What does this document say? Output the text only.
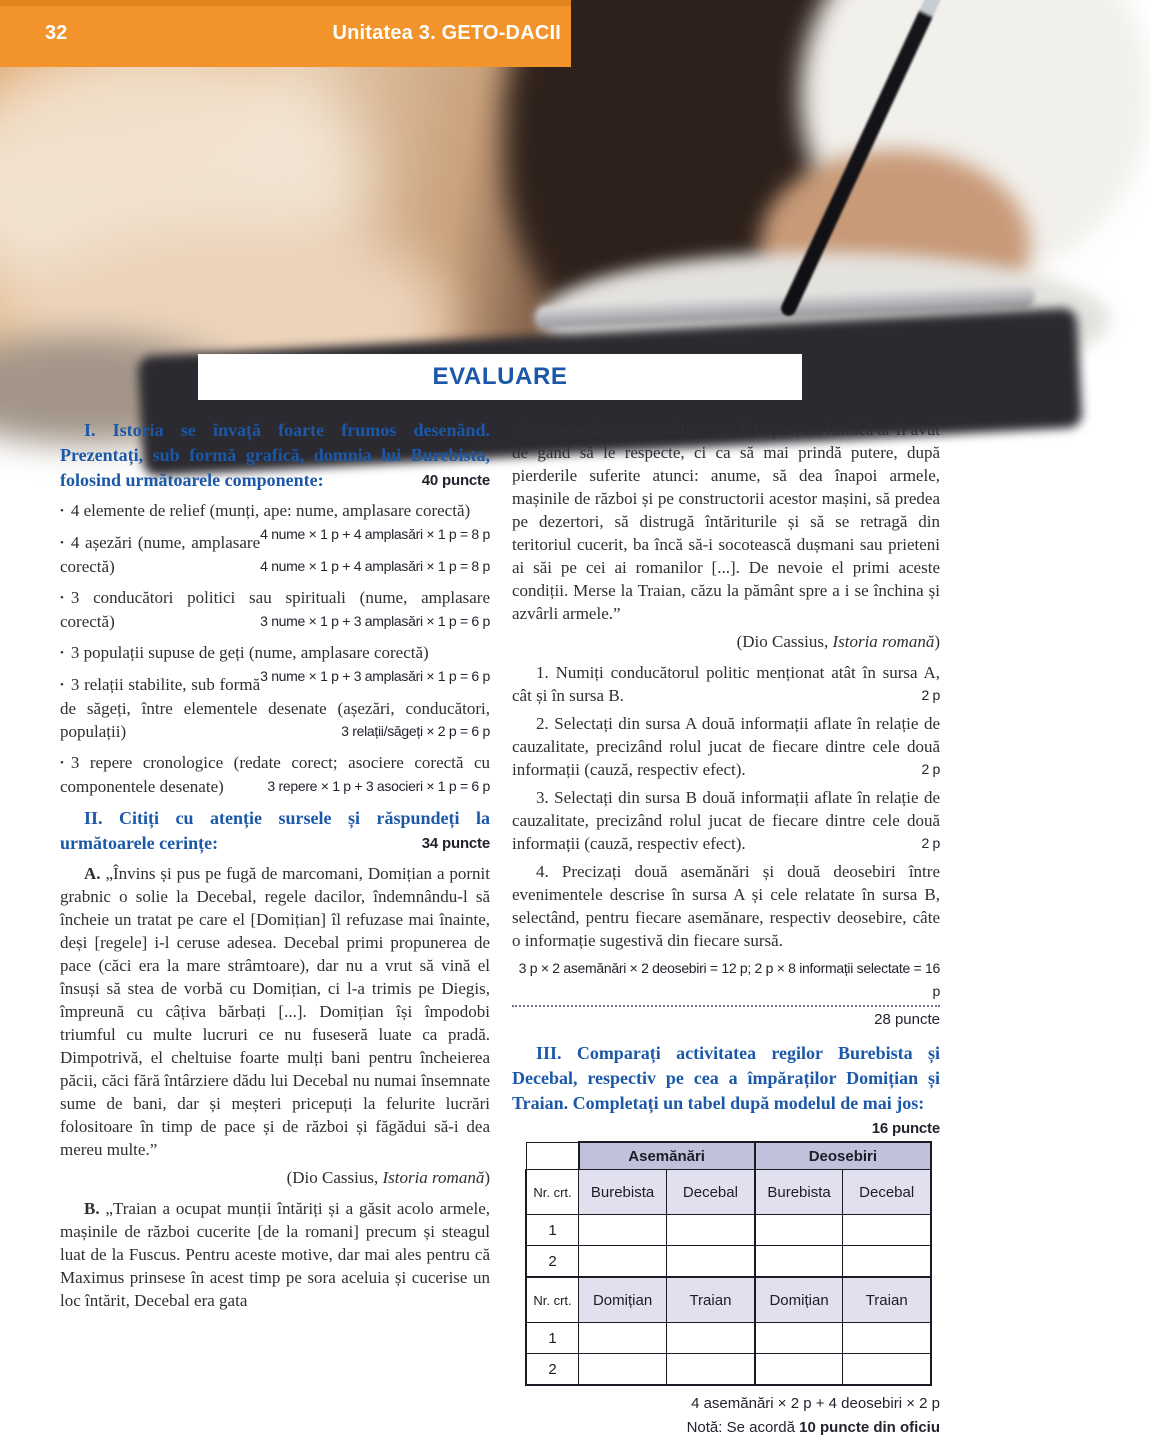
32	Unitatea 3. GETO-DACII
EVALUARE

I. Istoria se învață foarte frumos desenând. Prezentați, sub formă grafică, domnia lui Burebista, folosind următoarele componente:	40 puncte

• 4 elemente de relief (munți, ape: nume, amplasare corectă)
4 nume × 1 p + 4 amplasări × 1 p = 8 p

• 4 așezări (nume, amplasare corectă)	4 nume × 1 p + 4 amplasări × 1 p = 8 p

• 3 conducători politici sau spirituali (nume, amplasare corectă)	3 nume × 1 p + 3 amplasări × 1 p = 6 p

• 3 populații supuse de geți (nume, amplasare corectă)
3 nume × 1 p + 3 amplasări × 1 p = 6 p

• 3 relații stabilite, sub formă de săgeți, între elementele desenate (așezări, conducători, populații)	3 relații/săgeți × 2 p = 6 p

• 3 repere cronologice (redate corect; asociere corectă cu componentele desenate)	3 repere × 1 p + 3 asocieri × 1 p = 6 p

II. Citiți cu atenție sursele și răspundeți la următoarele cerințe:	34 puncte

A. „Învins și pus pe fugă de marcomani, Domițian a pornit grabnic o solie la Decebal, regele dacilor, îndemnându-l să încheie un tratat pe care el [Domițian] îl refuzase mai înainte, deși [regele] i-l ceruse adesea. Decebal primi propunerea de pace (căci era la mare strâmtoare), dar nu a vrut să vină el însuși să stea de vorbă cu Domițian, ci l-a trimis pe Diegis, împreună cu câțiva bărbați [...]. Domițian își împodobi triumful cu multe lucruri ce nu fuseseră luate ca pradă. Dimpotrivă, el cheltuise foarte mulți bani pentru încheierea păcii, căci fără întârziere dădu lui Decebal nu numai însemnate sume de bani, dar și meșteri pricepuți la felurite lucrări folositoare în timp de pace și de război și făgădui să-i dea mereu multe.”

(Dio Cassius, Istoria romană)

B. „Traian a ocupat munții întăriți și a găsit acolo armele, mașinile de război cucerite [de la romani] precum și steagul luat de la Fuscus. Pentru aceste motive, dar mai ales pentru că Maximus prinsese în acest timp pe sora aceluia și cucerise un loc întărit, Decebal era gata

să primească orice condiții i s-ar fi impus, nu fiindcă ar fi avut de gând să le respecte, ci ca să mai prindă putere, după pierderile suferite atunci: anume, să dea înapoi armele, mașinile de război și pe constructorii acestor mașini, să predea pe dezertori, să distrugă întăriturile și să se retragă din teritoriul cucerit, ba încă să-i socotească dușmani sau prieteni ai săi pe cei ai romanilor [...]. De nevoie el primi aceste condiții. Merse la Traian, căzu la pământ spre a i se închina și azvârli armele.”

(Dio Cassius, Istoria romană)

1. Numiți conducătorul politic menționat atât în sursa A, cât și în sursa B.	2 p

2. Selectați din sursa A două informații aflate în relație de cauzalitate, precizând rolul jucat de fiecare dintre cele două informații (cauză, respectiv efect).	2 p

3. Selectați din sursa B două informații aflate în relație de cauzalitate, precizând rolul jucat de fiecare dintre cele două informații (cauză, respectiv efect).	2 p

4. Precizați două asemănări și două deosebiri între evenimentele descrise în sursa A și cele relatate în sursa B, selectând, pentru fiecare asemănare, respectiv deosebire, câte o informație sugestivă din fiecare sursă.

3 p × 2 asemănări × 2 deosebiri = 12 p; 2 p × 8 informații selectate = 16 p
28 puncte

III. Comparați activitatea regilor Burebista și Decebal, respectiv pe cea a împăraților Domițian și Traian. Completați un tabel după modelul de mai jos:
16 puncte

	Asemănări		Deosebiri	
Nr. crt.	Burebista	Decebal	Burebista	Decebal
1				
2				
Nr. crt.	Domițian	Traian	Domițian	Traian
1				
2				
4 asemănări × 2 p + 4 deosebiri × 2 p
Notă: Se acordă 10 puncte din oficiu
